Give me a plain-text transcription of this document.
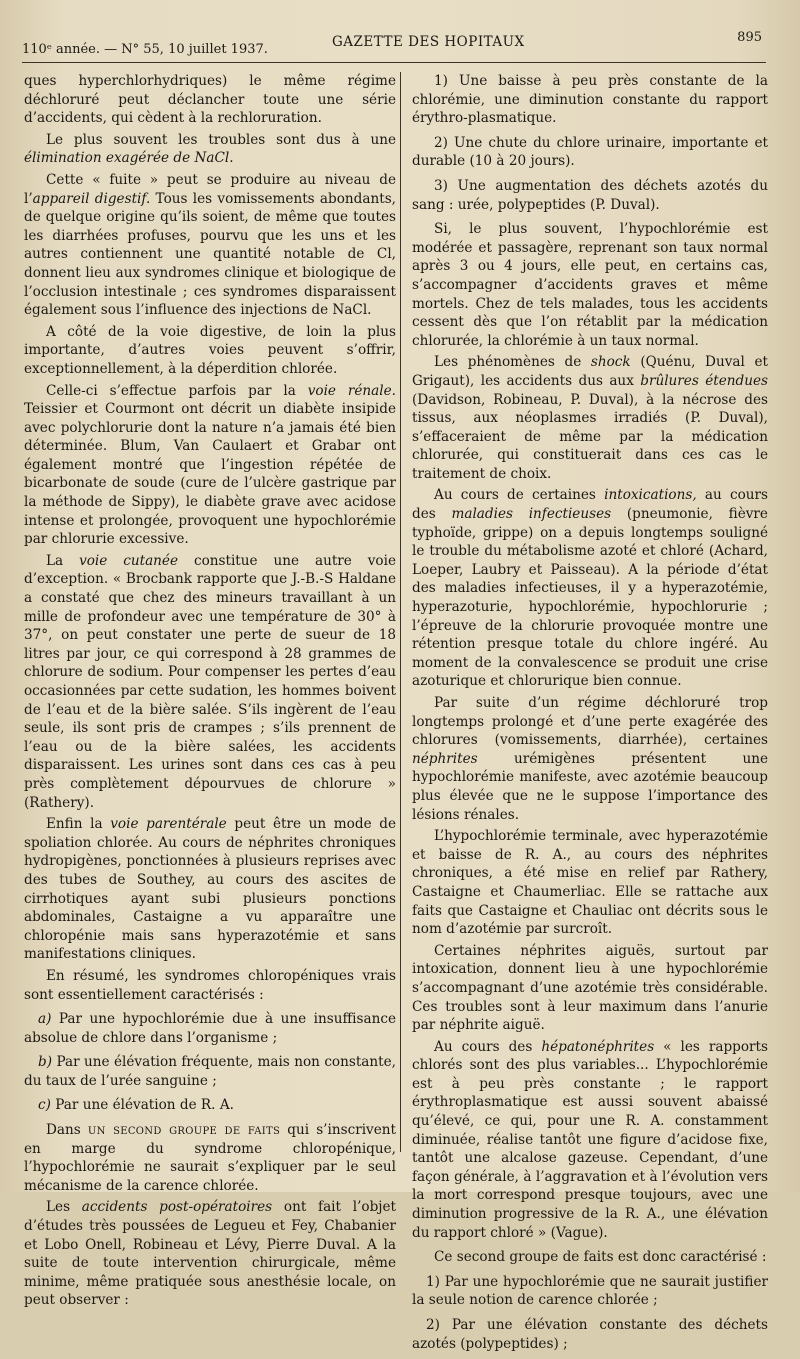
110ᵉ année. — N° 55, 10 juillet 1937.	GAZETTE DES HOPITAUX	895

ques hyperchlorhydriques) le même régime déchloruré peut déclancher toute une série d’accidents, qui cèdent à la rechloruration.

Le plus souvent les troubles sont dus à une élimination exagérée de NaCl.

Cette « fuite » peut se produire au niveau de l’appareil digestif. Tous les vomissements abondants, de quelque origine qu’ils soient, de même que toutes les diarrhées profuses, pourvu que les uns et les autres contiennent une quantité notable de Cl, donnent lieu aux syndromes clinique et biologique de l’occlusion intestinale ; ces syndromes disparaissent également sous l’influence des injections de NaCl.

A côté de la voie digestive, de loin la plus importante, d’autres voies peuvent s’offrir, exceptionnellement, à la déperdition chlorée.

Celle-ci s’effectue parfois par la voie rénale. Teissier et Courmont ont décrit un diabète insipide avec polychlorurie dont la nature n’a jamais été bien déterminée. Blum, Van Caulaert et Grabar ont également montré que l’ingestion répétée de bicarbonate de soude (cure de l’ulcère gastrique par la méthode de Sippy), le diabète grave avec acidose intense et prolongée, provoquent une hypochlorémie par chlorurie excessive.

La voie cutanée constitue une autre voie d’exception. « Brocbank rapporte que J.-B.-S Haldane a constaté que chez des mineurs travaillant à un mille de profondeur avec une température de 30° à 37°, on peut constater une perte de sueur de 18 litres par jour, ce qui correspond à 28 grammes de chlorure de sodium. Pour compenser les pertes d’eau occasionnées par cette sudation, les hommes boivent de l’eau et de la bière salée. S’ils ingèrent de l’eau seule, ils sont pris de crampes ; s’ils prennent de l’eau ou de la bière salées, les accidents disparaissent. Les urines sont dans ces cas à peu près complètement dépourvues de chlorure » (Rathery).

Enfin la voie parentérale peut être un mode de spoliation chlorée. Au cours de néphrites chroniques hydropigènes, ponctionnées à plusieurs reprises avec des tubes de Southey, au cours des ascites de cirrhotiques ayant subi plusieurs ponctions abdominales, Castaigne a vu apparaître une chloropénie mais sans hyperazotémie et sans manifestations cliniques.

En résumé, les syndromes chloropéniques vrais sont essentiellement caractérisés :

a) Par une hypochlorémie due à une insuffisance absolue de chlore dans l’organisme ;

b) Par une élévation fréquente, mais non constante, du taux de l’urée sanguine ;

c) Par une élévation de R. A.

Dans un second groupe de faits qui s’inscrivent en marge du syndrome chloropénique, l’hypochlorémie ne saurait s’expliquer par le seul mécanisme de la carence chlorée.

Les accidents post-opératoires ont fait l’objet d’études très poussées de Legueu et Fey, Chabanier et Lobo Onell, Robineau et Lévy, Pierre Duval. A la suite de toute intervention chirurgicale, même minime, même pratiquée sous anesthésie locale, on peut observer :

1) Une baisse à peu près constante de la chlorémie, une diminution constante du rapport érythro-plasmatique.

2) Une chute du chlore urinaire, importante et durable (10 à 20 jours).

3) Une augmentation des déchets azotés du sang : urée, polypeptides (P. Duval).

Si, le plus souvent, l’hypochlorémie est modérée et passagère, reprenant son taux normal après 3 ou 4 jours, elle peut, en certains cas, s’accompagner d’accidents graves et même mortels. Chez de tels malades, tous les accidents cessent dès que l’on rétablit par la médication chlorurée, la chlorémie à un taux normal.

Les phénomènes de shock (Quénu, Duval et Grigaut), les accidents dus aux brûlures étendues (Davidson, Robineau, P. Duval), à la nécrose des tissus, aux néoplasmes irradiés (P. Duval), s’effaceraient de même par la médication chlorurée, qui constituerait dans ces cas le traitement de choix.

Au cours de certaines intoxications, au cours des maladies infectieuses (pneumonie, fièvre typhoïde, grippe) on a depuis longtemps souligné le trouble du métabolisme azoté et chloré (Achard, Loeper, Laubry et Paisseau). A la période d’état des maladies infectieuses, il y a hyperazotémie, hyperazoturie, hypochlorémie, hypochlorurie ; l’épreuve de la chlorurie provoquée montre une rétention presque totale du chlore ingéré. Au moment de la convalescence se produit une crise azoturique et chlorurique bien connue.

Par suite d’un régime déchloruré trop longtemps prolongé et d’une perte exagérée des chlorures (vomissements, diarrhée), certaines néphrites urémigènes présentent une hypochlorémie manifeste, avec azotémie beaucoup plus élevée que ne le suppose l’importance des lésions rénales.

L’hypochlorémie terminale, avec hyperazotémie et baisse de R. A., au cours des néphrites chroniques, a été mise en relief par Rathery, Castaigne et Chaumerliac. Elle se rattache aux faits que Castaigne et Chauliac ont décrits sous le nom d’azotémie par surcroît.

Certaines néphrites aiguës, surtout par intoxication, donnent lieu à une hypochlorémie s’accompagnant d’une azotémie très considérable. Ces troubles sont à leur maximum dans l’anurie par néphrite aiguë.

Au cours des hépatonéphrites « les rapports chlorés sont des plus variables... L’hypochlorémie est à peu près constante ; le rapport érythroplasmatique est aussi souvent abaissé qu’élevé, ce qui, pour une R. A. constamment diminuée, réalise tantôt une figure d’acidose fixe, tantôt une alcalose gazeuse. Cependant, d’une façon générale, à l’aggravation et à l’évolution vers la mort correspond presque toujours, avec une diminution progressive de la R. A., une élévation du rapport chloré » (Vague).

Ce second groupe de faits est donc caractérisé :

1) Par une hypochlorémie que ne saurait justifier la seule notion de carence chlorée ;

2) Par une élévation constante des déchets azotés (polypeptides) ;
